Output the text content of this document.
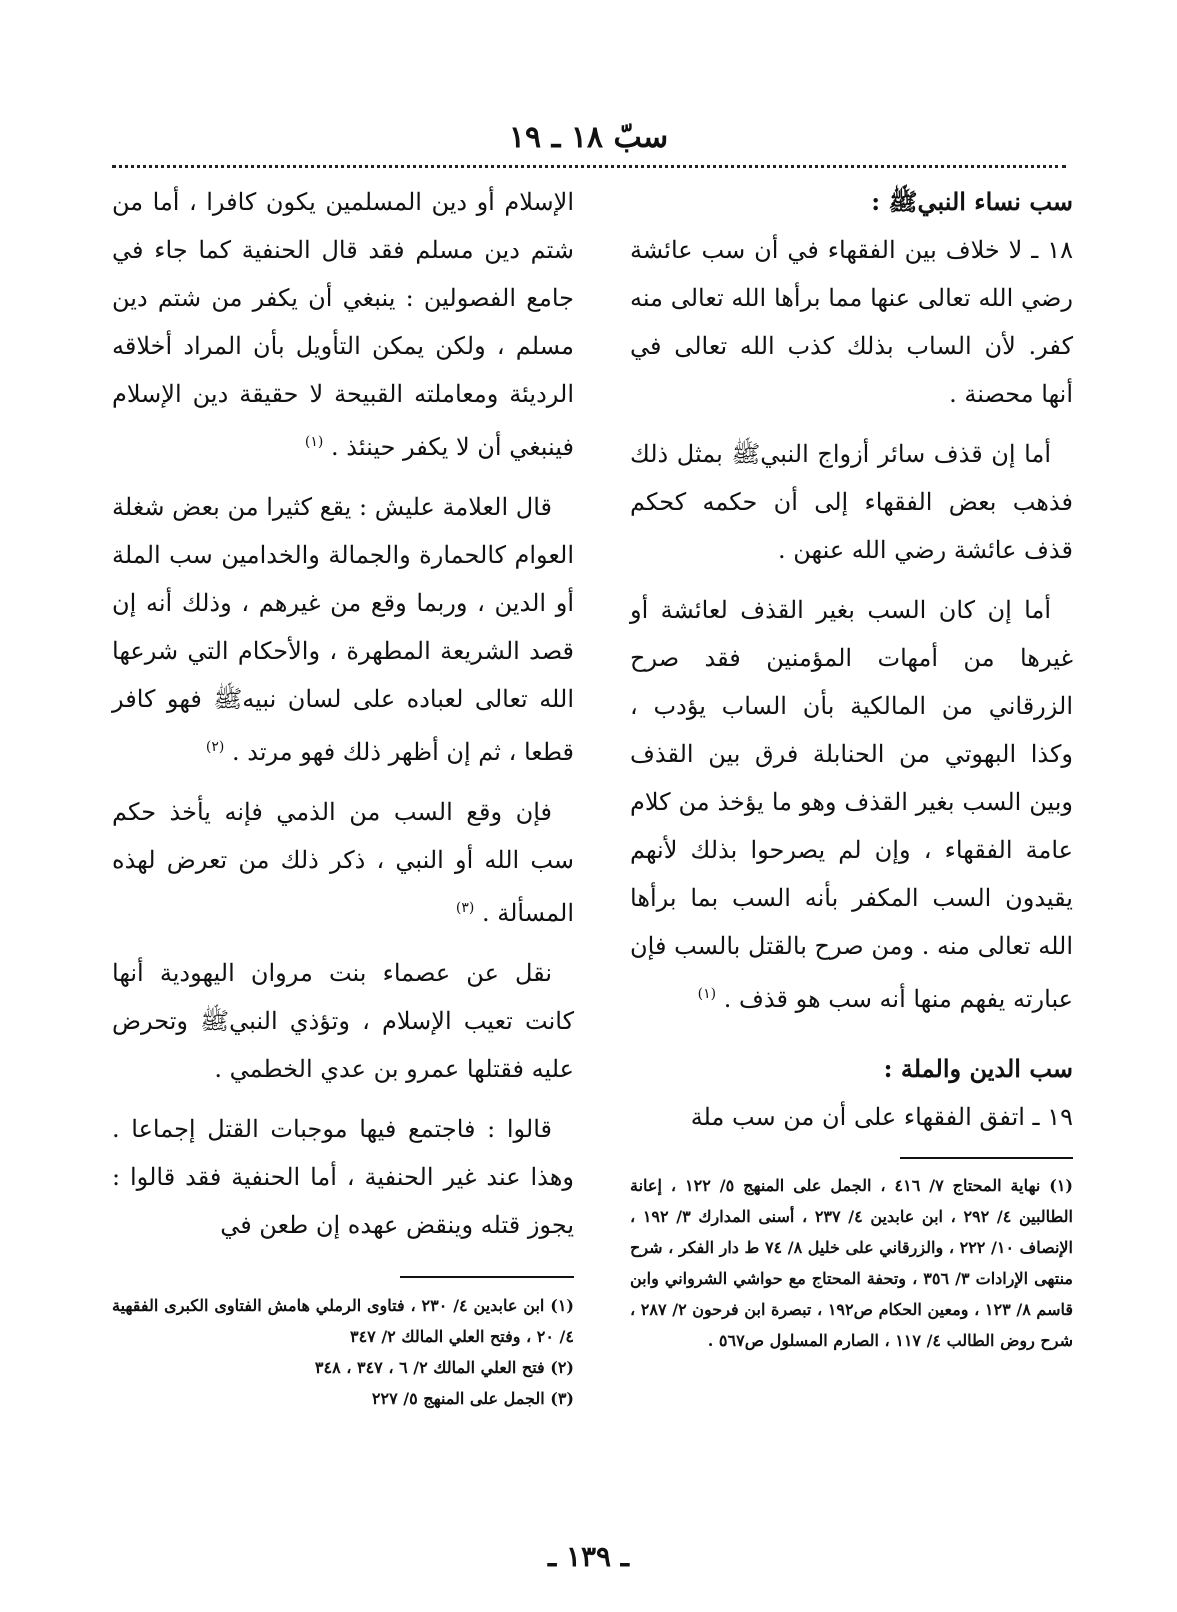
سبّ ١٨ ـ ١٩

سب نساء النبيﷺ :

١٨ ـ لا خلاف بين الفقهاء في أن سب عائشة رضي الله تعالى عنها مما برأها الله تعالى منه كفر. لأن الساب بذلك كذب الله تعالى في أنها محصنة .

أما إن قذف سائر أزواج النبيﷺ بمثل ذلك فذهب بعض الفقهاء إلى أن حكمه كحكم قذف عائشة رضي الله عنهن .

أما إن كان السب بغير القذف لعائشة أو غيرها من أمهات المؤمنين فقد صرح الزرقاني من المالكية بأن الساب يؤدب ، وكذا البهوتي من الحنابلة فرق بين القذف وبين السب بغير القذف وهو ما يؤخذ من كلام عامة الفقهاء ، وإن لم يصرحوا بذلك لأنهم يقيدون السب المكفر بأنه السب بما برأها الله تعالى منه . ومن صرح بالقتل بالسب فإن عبارته يفهم منها أنه سب هو قذف . $^{(١)}$

سب الدين والملة :

١٩ ـ اتفق الفقهاء على أن من سب ملة

الإسلام أو دين المسلمين يكون كافرا ، أما من شتم دين مسلم فقد قال الحنفية كما جاء في جامع الفصولين : ينبغي أن يكفر من شتم دين مسلم ، ولكن يمكن التأويل بأن المراد أخلاقه الرديئة ومعاملته القبيحة لا حقيقة دين الإسلام فينبغي أن لا يكفر حينئذ . $^{(١)}$

قال العلامة عليش : يقع كثيرا من بعض شغلة العوام كالحمارة والجمالة والخدامين سب الملة أو الدين ، وربما وقع من غيرهم ، وذلك أنه إن قصد الشريعة المطهرة ، والأحكام التي شرعها الله تعالى لعباده على لسان نبيهﷺ فهو كافر قطعا ، ثم إن أظهر ذلك فهو مرتد . $^{(٢)}$

فإن وقع السب من الذمي فإنه يأخذ حكم سب الله أو النبي ، ذكر ذلك من تعرض لهذه المسألة . $^{(٣)}$

نقل عن عصماء بنت مروان اليهودية أنها كانت تعيب الإسلام ، وتؤذي النبيﷺ وتحرض عليه فقتلها عمرو بن عدي الخطمي .

قالوا : فاجتمع فيها موجبات القتل إجماعا . وهذا عند غير الحنفية ، أما الحنفية فقد قالوا : يجوز قتله وينقض عهده إن طعن في

(١) نهاية المحتاج ٧/ ٤١٦ ، الجمل على المنهج ٥/ ١٢٢ ، إعانة الطالبين ٤/ ٢٩٢ ، ابن عابدين ٤/ ٢٣٧ ، أسنى المدارك ٣/ ١٩٢ ، الإنصاف ١٠/ ٢٢٢ ، والزرقاني على خليل ٨/ ٧٤ ط دار الفكر ، شرح منتهى الإرادات ٣/ ٣٥٦ ، وتحفة المحتاج مع حواشي الشرواني وابن قاسم ٨/ ١٢٣ ، ومعين الحكام ص١٩٢ ، تبصرة ابن فرحون ٢/ ٢٨٧ ، شرح روض الطالب ٤/ ١١٧ ، الصارم المسلول ص٥٦٧ .
(١) ابن عابدين ٤/ ٢٣٠ ، فتاوى الرملي هامش الفتاوى الكبرى الفقهية ٤/ ٢٠ ، وفتح العلي المالك ٢/ ٣٤٧
(٢) فتح العلي المالك ٢/ ٦ ، ٣٤٧ ، ٣٤٨
(٣) الجمل على المنهج ٥/ ٢٢٧
ـ ١٣٩ ـ
